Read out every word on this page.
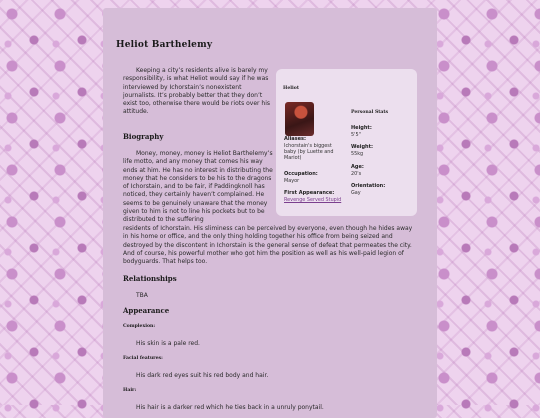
Heliot Barthelemy
Keeping a city’s residents alive is barely my responsibility, is what Heliot would say if he was interviewed by Ichorstain’s nonexistent journalists. It’s probably better that they don’t exist too, otherwise there would be riots over his attitude.
Biography
Money, money, money is Heliot Barthelemy’s life motto, and any money that comes his way ends at him. He has no interest in distributing the money that he considers to be his to the dragons of Ichorstain, and to be fair, if Paddingknoll has noticed, they certainly haven’t complained. He seems to be genuinely unaware that the money given to him is not to line his pockets but to be distributed to the suffering
residents of Ichorstain. His sliminess can be perceived by everyone, even though he hides away in his home or office, and the only thing holding together his office from being seized and destroyed by the discontent in Ichorstain is the general sense of defeat that permeates the city. And of course, his powerful mother who got him the position as well as his well-paid legion of bodyguards. That helps too.
Relationships
TBA
Appearance
Complexion:
His skin is a pale red.
Facial features:
His dark red eyes suit his red body and hair.
Hair:
His hair is a darker red which he ties back in a unruly ponytail.
Heliot
Aliases:
Ichorstain's biggest baby (by Luette and Mariot)
Occupation:
Mayor
First Appearance:
Revenge Served Stupid
Personal Stats
Height:
5'5"
Weight:
55kg
Age:
20's
Orientation:
Gay
